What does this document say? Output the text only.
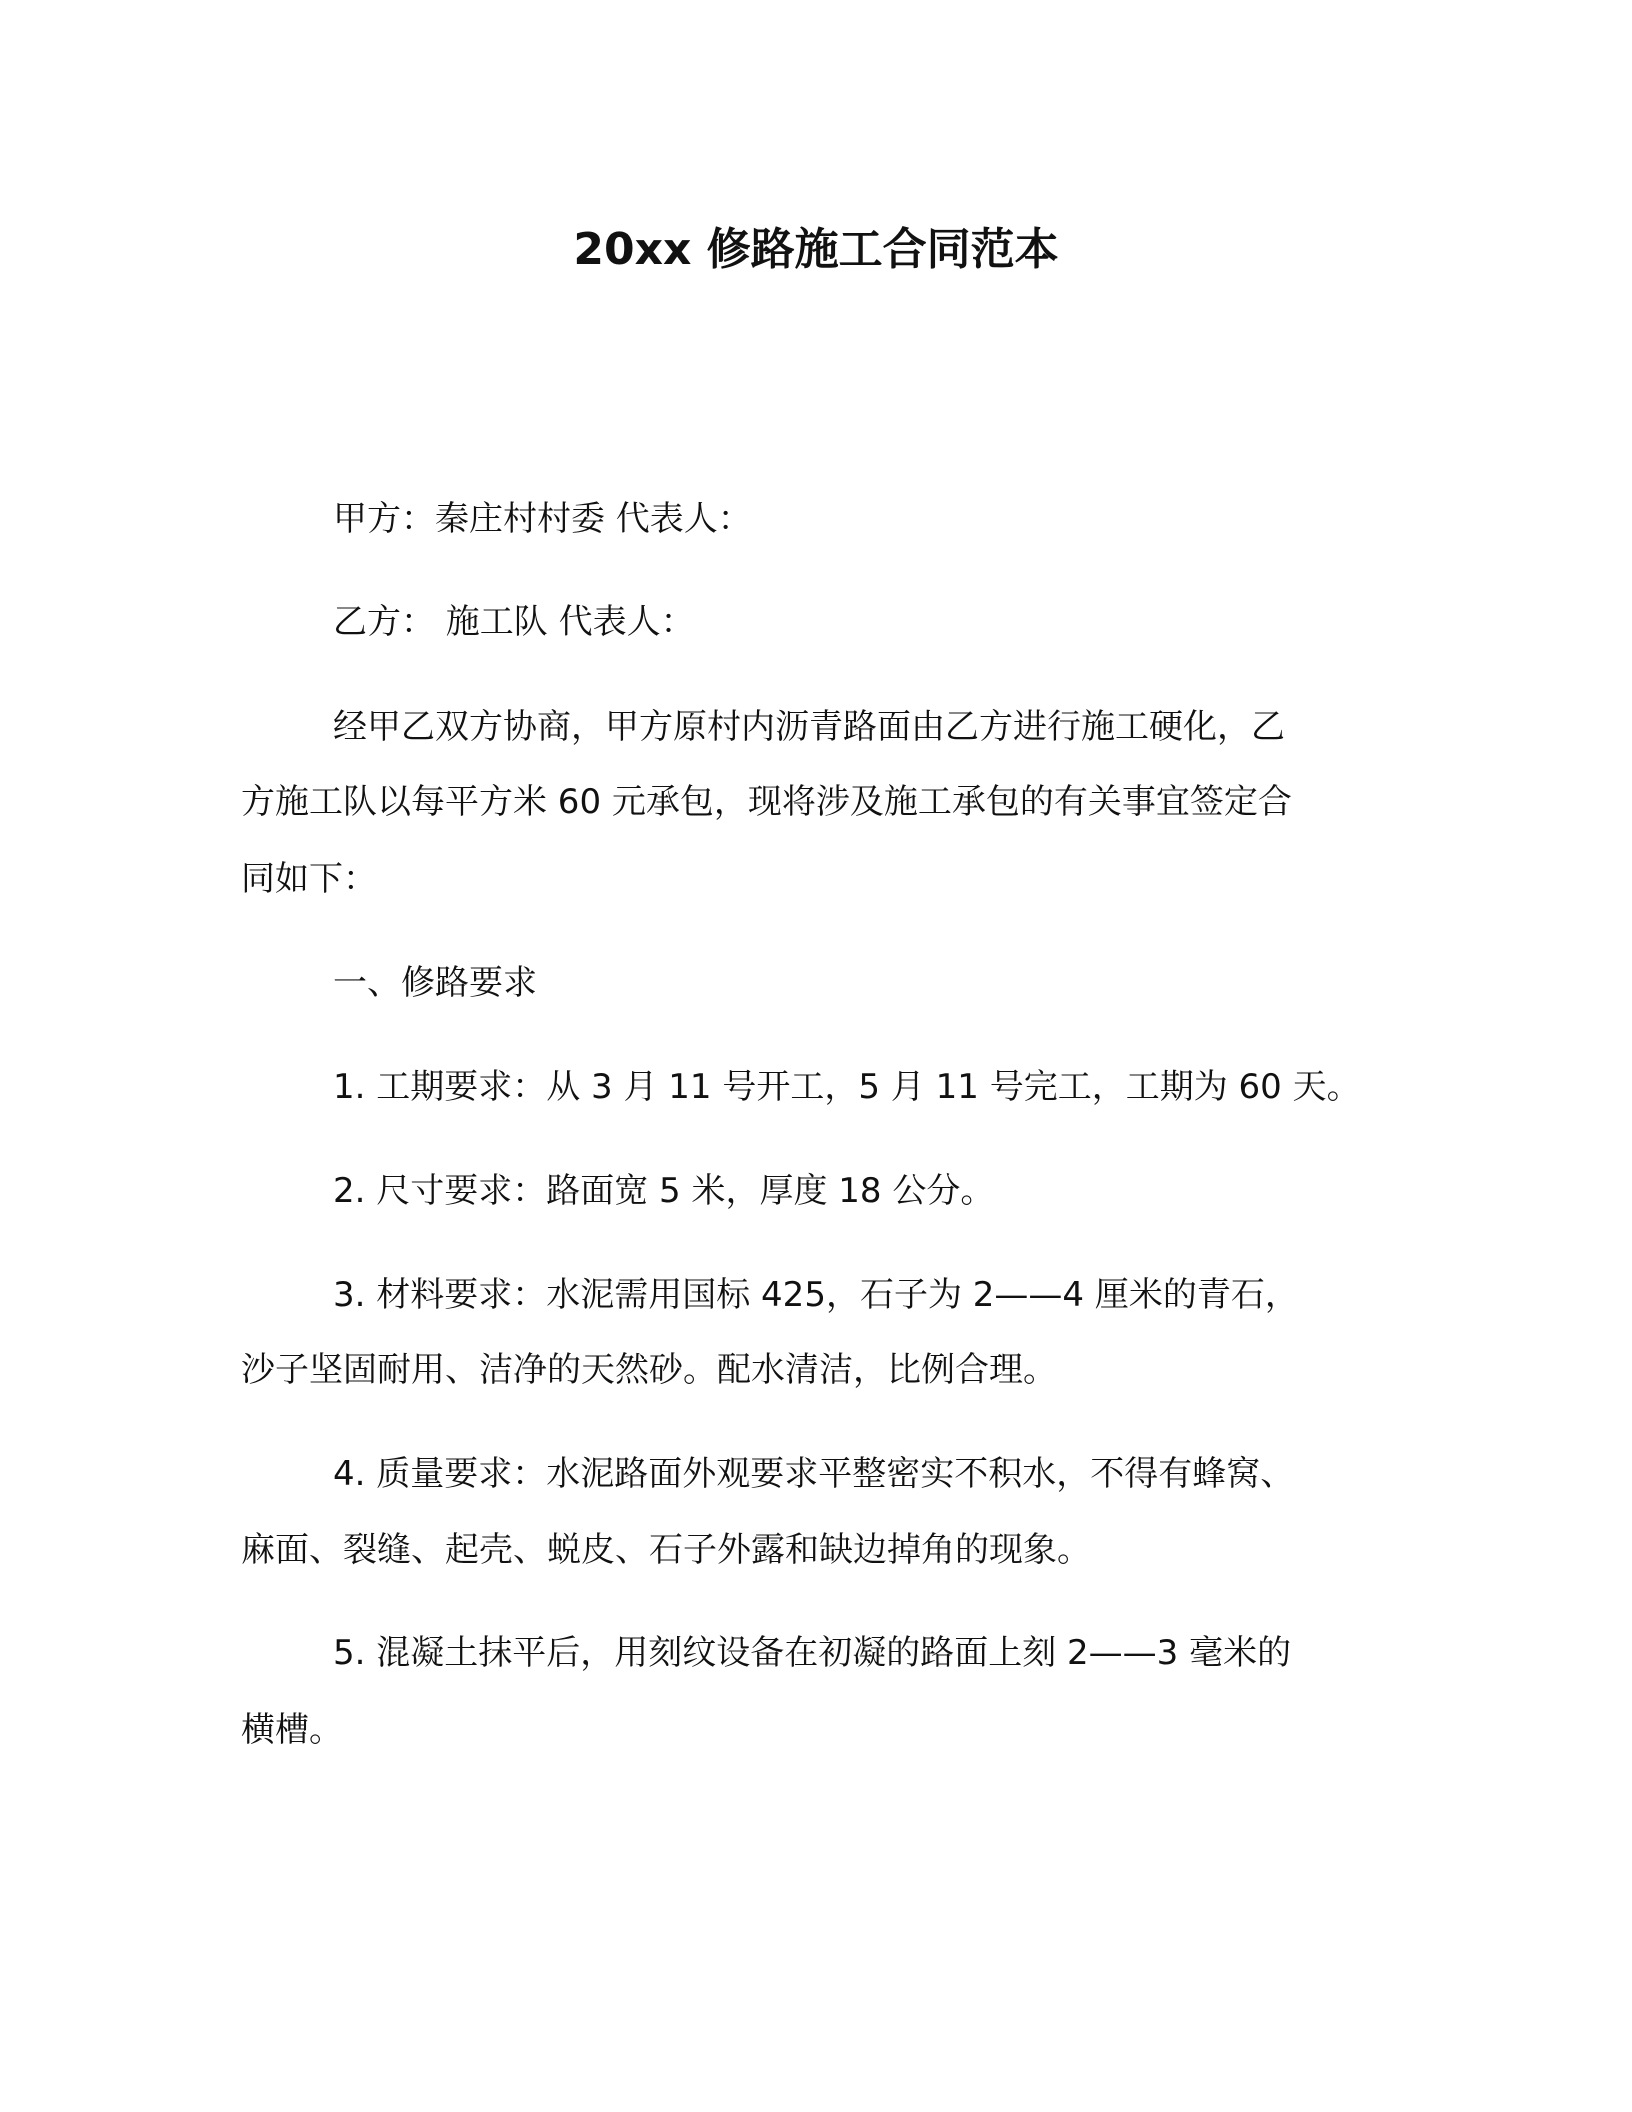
20xx 修路施工合同范本
甲方：秦庄村村委 代表人：
乙方： 施工队 代表人：
经甲乙双方协商，甲方原村内沥青路面由乙方进行施工硬化，乙
方施工队以每平方米 60 元承包，现将涉及施工承包的有关事宜签定合
同如下：
一、修路要求
1. 工期要求：从 3 月 11 号开工，5 月 11 号完工，工期为 60 天。
2. 尺寸要求：路面宽 5 米，厚度 18 公分。
3. 材料要求：水泥需用国标 425，石子为 2——4 厘米的青石，
沙子坚固耐用、洁净的天然砂。配水清洁，比例合理。
4. 质量要求：水泥路面外观要求平整密实不积水，不得有蜂窝、
麻面、裂缝、起壳、蜕皮、石子外露和缺边掉角的现象。
5. 混凝土抹平后，用刻纹设备在初凝的路面上刻 2——3 毫米的
横槽。
